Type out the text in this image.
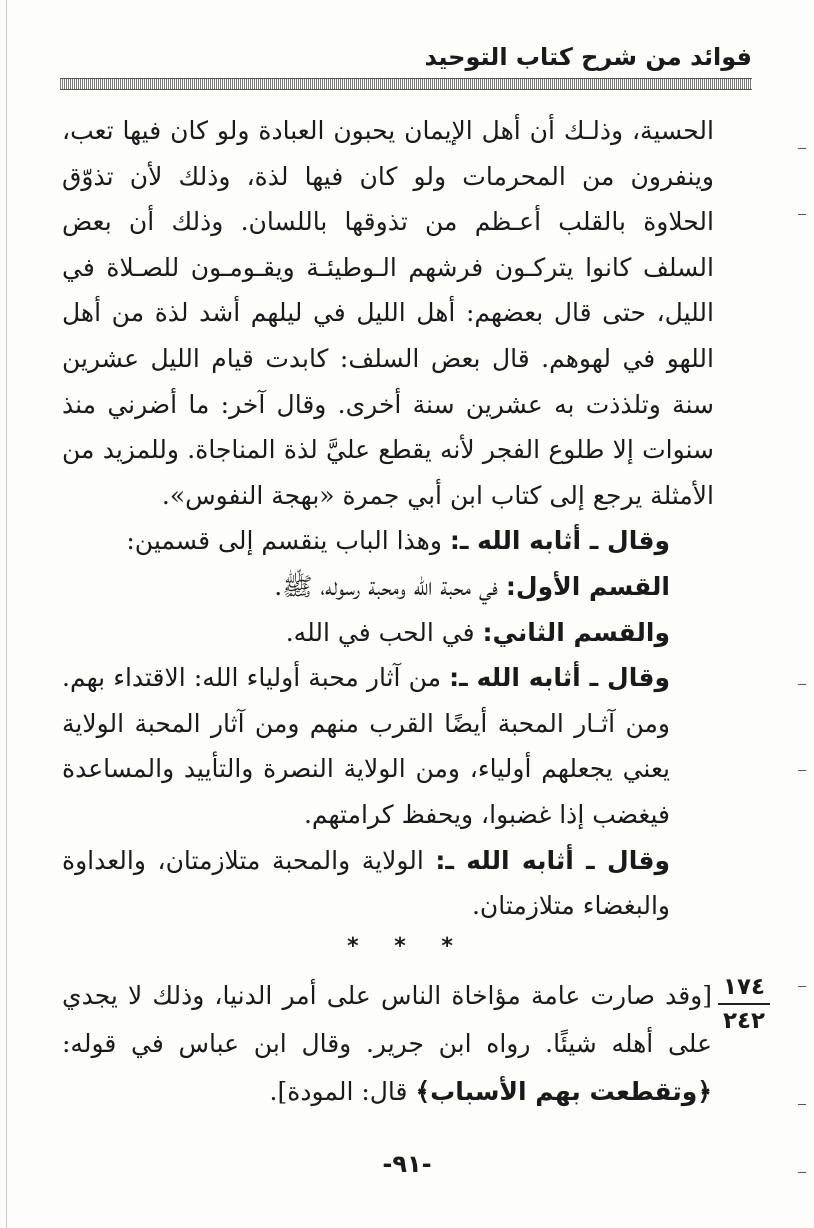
فوائد من شرح كتاب التوحيد

الحسية، وذلـك أن أهل الإيمان يحبون العبادة ولو كان فيها تعب، وينفرون من المحرمات ولو كان فيها لذة، وذلك لأن تذوّق الحلاوة بالقلب أعـظم من تذوقها باللسان. وذلك أن بعض السلف كانوا يتركـون فرشهم الـوطيئـة ويقـومـون للصـلاة في الليل، حتى قال بعضهم: أهل الليل في ليلهم أشد لذة من أهل اللهو في لهوهم. قال بعض السلف: كابدت قيام الليل عشرين سنة وتلذذت به عشرين سنة أخرى. وقال آخر: ما أضرني منذ سنوات إلا طلوع الفجر لأنه يقطع عليَّ لذة المناجاة. وللمزيد من الأمثلة يرجع إلى كتاب ابن أبي جمرة «بهجة النفوس».

وقال ـ أثابه الله ـ: وهذا الباب ينقسم إلى قسمين:

القسم الأول: في محبة الله ومحبة رسوله، ﷺ.

والقسم الثاني: في الحب في الله.

وقال ـ أثابه الله ـ: من آثار محبة أولياء الله: الاقتداء بهم. ومن آثـار المحبة أيضًا القرب منهم ومن آثار المحبة الولاية يعني يجعلهم أولياء، ومن الولاية النصرة والتأييد والمساعدة فيغضب إذا غضبوا، ويحفظ كرامتهم.

وقال ـ أثابه الله ـ: الولاية والمحبة متلازمتان، والعداوة والبغضاء متلازمتان.

* * *
١٧٤
٢٤٢

[وقد صارت عامة مؤاخاة الناس على أمر الدنيا، وذلك لا يجدي على أهله شيئًا. رواه ابن جرير. وقال ابن عباس في قوله: ﴿وتقطعت بهم الأسباب﴾ قال: المودة].

-٩١-
